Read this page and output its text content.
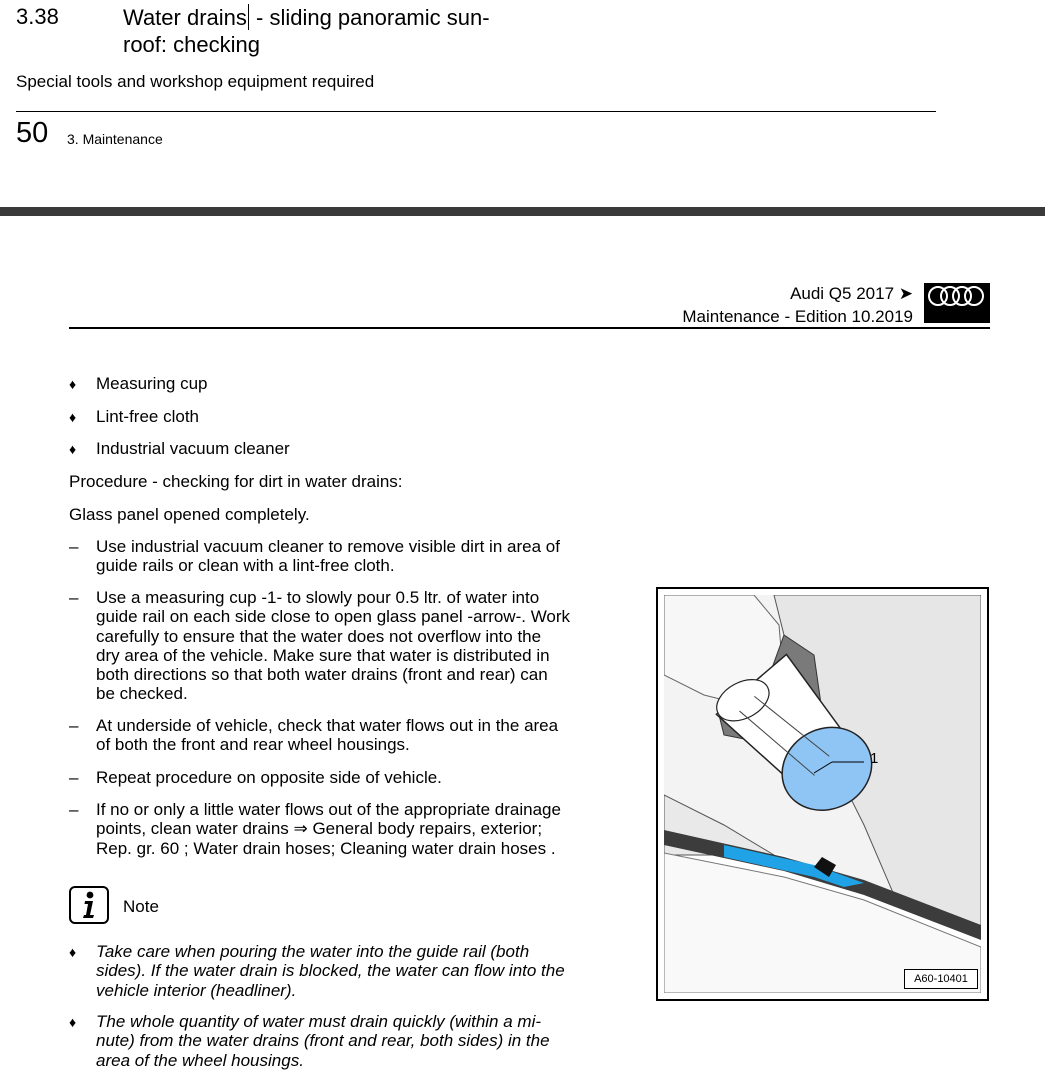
3.38	Water drains - sliding panoramic sun-
roof: checking
Special tools and workshop equipment required
50 3. Maintenance
Audi Q5 2017 ➤
Maintenance - Edition 10.2019
♦ Measuring cup
♦ Lint-free cloth
♦ Industrial vacuum cleaner
Procedure - checking for dirt in water drains:
Glass panel opened completely.
– Use industrial vacuum cleaner to remove visible dirt in area of
guide rails or clean with a lint-free cloth.
– Use a measuring cup -1- to slowly pour 0.5 ltr. of water into
guide rail on each side close to open glass panel -arrow-. Work
carefully to ensure that the water does not overflow into the
dry area of the vehicle. Make sure that water is distributed in
both directions so that both water drains (front and rear) can
be checked.
– At underside of vehicle, check that water flows out in the area
of both the front and rear wheel housings.
– Repeat procedure on opposite side of vehicle.
– If no or only a little water flows out of the appropriate drainage
points, clean water drains ⇒ General body repairs, exterior;
Rep. gr. 60 ; Water drain hoses; Cleaning water drain hoses .
Note
♦ Take care when pouring the water into the guide rail (both
sides). If the water drain is blocked, the water can flow into the
vehicle interior (headliner).
♦ The whole quantity of water must drain quickly (within a mi-
nute) from the water drains (front and rear, both sides) in the
area of the wheel housings.
1
A60-10401
